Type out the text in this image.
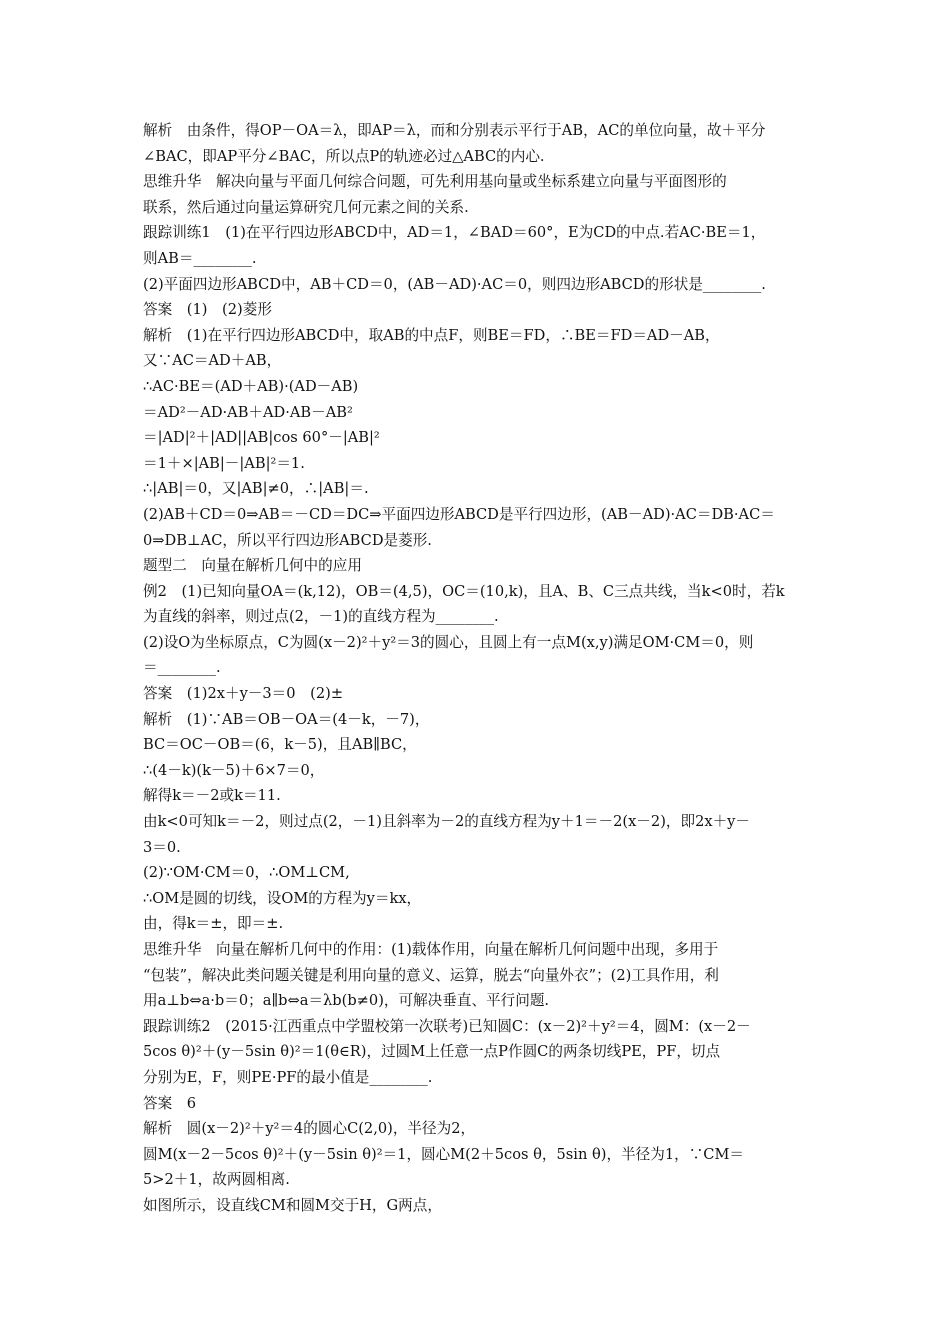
解析　由条件，得OP－OA＝λ，即AP＝λ，而和分别表示平行于AB，AC的单位向量，故＋平分
∠BAC，即AP平分∠BAC，所以点P的轨迹必过△ABC的内心.
思维升华　解决向量与平面几何综合问题，可先利用基向量或坐标系建立向量与平面图形的
联系，然后通过向量运算研究几何元素之间的关系.
跟踪训练1　(1)在平行四边形ABCD中，AD＝1，∠BAD＝60°，E为CD的中点.若AC·BE＝1，
则AB＝________.
(2)平面四边形ABCD中，AB＋CD＝0，(AB－AD)·AC＝0，则四边形ABCD的形状是________.
答案　(1)　(2)菱形
解析　(1)在平行四边形ABCD中，取AB的中点F，则BE＝FD，∴BE＝FD＝AD－AB，
又∵AC＝AD＋AB，
∴AC·BE＝(AD＋AB)·(AD－AB)
＝AD²－AD·AB＋AD·AB－AB²
＝|AD|²＋|AD||AB|cos 60°－|AB|²
＝1＋×|AB|－|AB|²＝1.
∴|AB|＝0，又|AB|≠0，∴|AB|＝.
(2)AB＋CD＝0⇒AB＝－CD＝DC⇒平面四边形ABCD是平行四边形，(AB－AD)·AC＝DB·AC＝
0⇒DB⊥AC，所以平行四边形ABCD是菱形.
题型二　向量在解析几何中的应用
例2　(1)已知向量OA＝(k,12)，OB＝(4,5)，OC＝(10,k)，且A、B、C三点共线，当k<0时，若k
为直线的斜率，则过点(2，－1)的直线方程为________.
(2)设O为坐标原点，C为圆(x－2)²＋y²＝3的圆心，且圆上有一点M(x,y)满足OM·CM＝0，则
＝________.
答案　(1)2x＋y－3＝0　(2)±
解析　(1)∵AB＝OB－OA＝(4－k，－7)，
BC＝OC－OB＝(6，k－5)，且AB∥BC，
∴(4－k)(k－5)＋6×7＝0，
解得k＝－2或k＝11.
由k<0可知k＝－2，则过点(2，－1)且斜率为－2的直线方程为y＋1＝－2(x－2)，即2x＋y－
3＝0.
(2)∵OM·CM＝0，∴OM⊥CM,
∴OM是圆的切线，设OM的方程为y＝kx，
由，得k＝±，即＝±.
思维升华　向量在解析几何中的作用：(1)载体作用，向量在解析几何问题中出现，多用于
“包装”，解决此类问题关键是利用向量的意义、运算，脱去“向量外衣”；(2)工具作用，利
用a⊥b⇔a·b＝0；a∥b⇔a＝λb(b≠0)，可解决垂直、平行问题.
跟踪训练2　(2015·江西重点中学盟校第一次联考)已知圆C：(x－2)²＋y²＝4，圆M：(x－2－
5cos θ)²＋(y－5sin θ)²＝1(θ∈R)，过圆M上任意一点P作圆C的两条切线PE，PF，切点
分别为E，F，则PE·PF的最小值是________.
答案　6
解析　圆(x－2)²＋y²＝4的圆心C(2,0)，半径为2，
圆M(x－2－5cos θ)²＋(y－5sin θ)²＝1，圆心M(2＋5cos θ，5sin θ)，半径为1，∵CM＝
5>2＋1，故两圆相离.
如图所示，设直线CM和圆M交于H，G两点，
